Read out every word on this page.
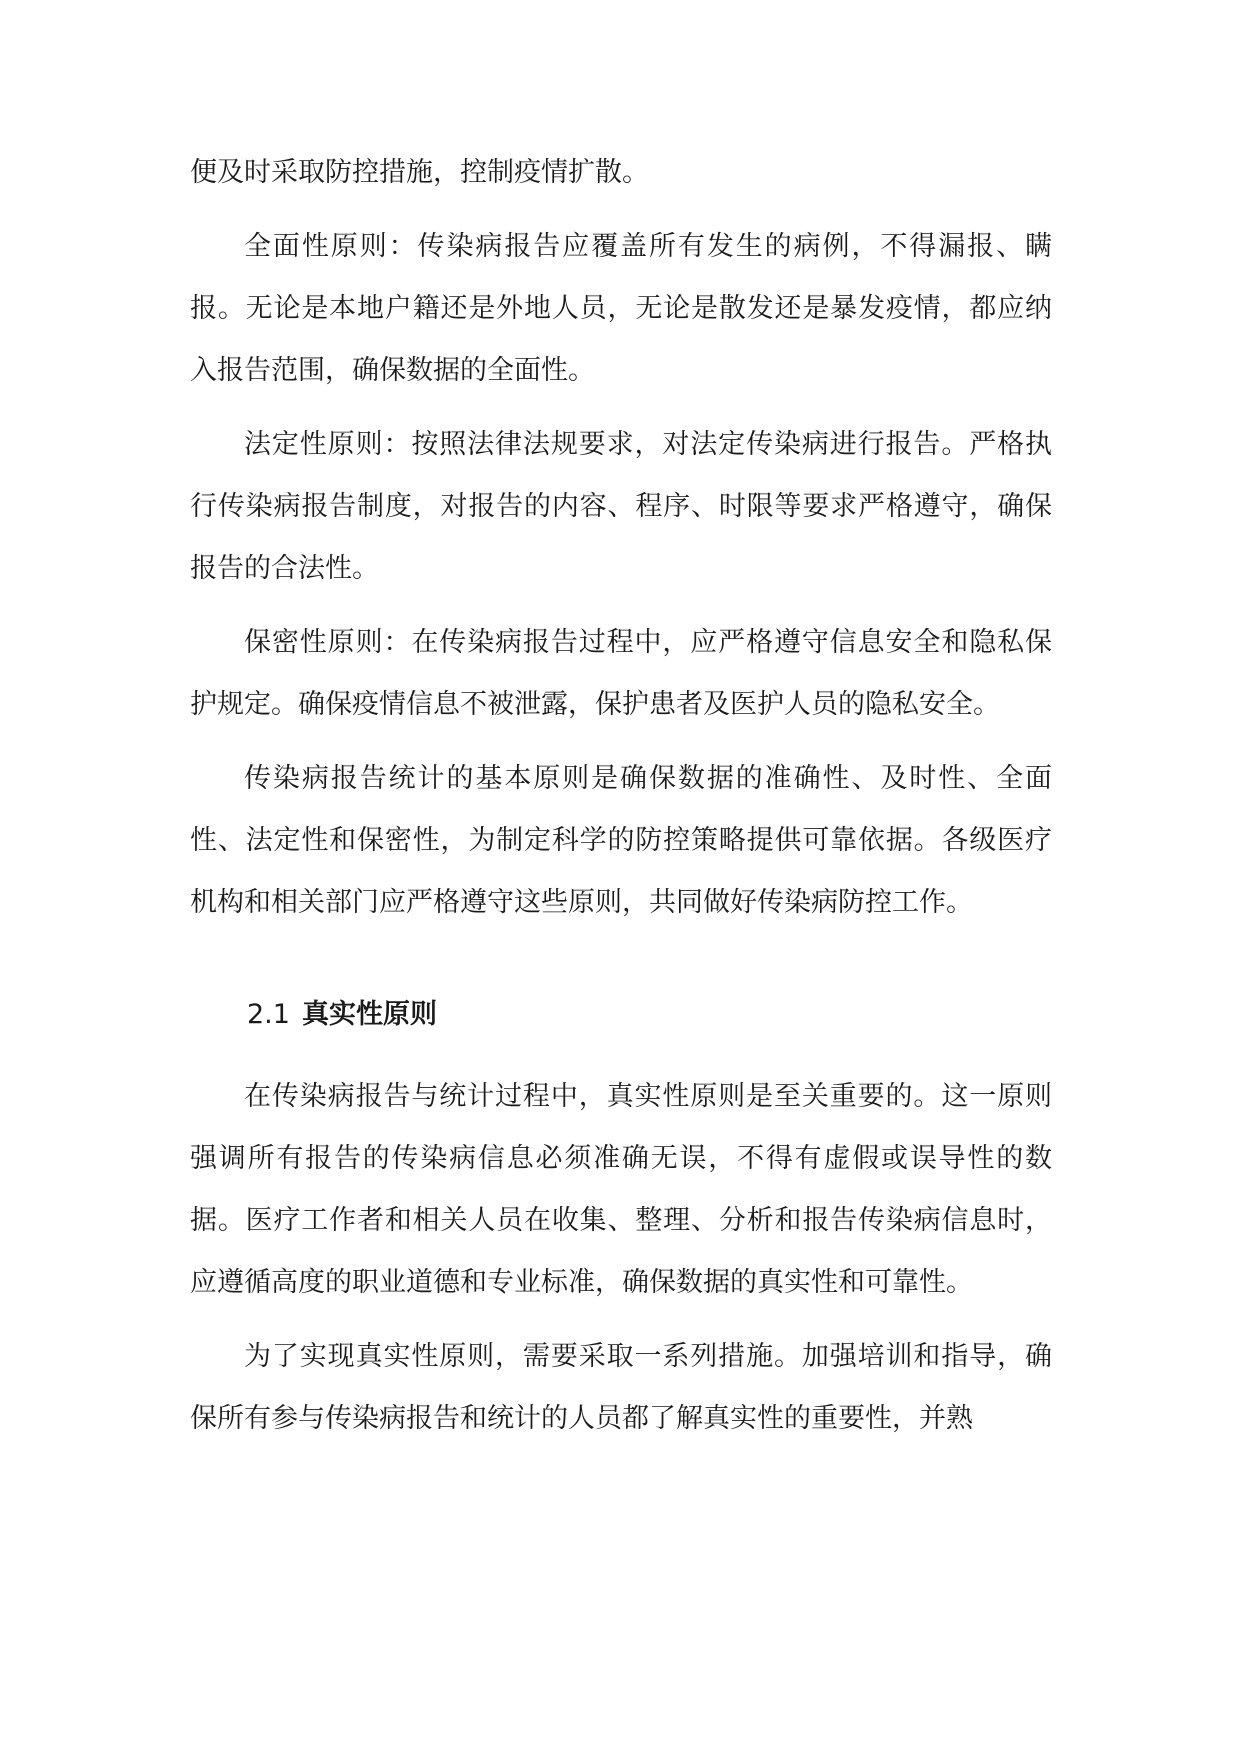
便及时采取防控措施，控制疫情扩散。

全面性原则：传染病报告应覆盖所有发生的病例，不得漏报、瞒报。无论是本地户籍还是外地人员，无论是散发还是暴发疫情，都应纳入报告范围，确保数据的全面性。

法定性原则：按照法律法规要求，对法定传染病进行报告。严格执行传染病报告制度，对报告的内容、程序、时限等要求严格遵守，确保报告的合法性。

保密性原则：在传染病报告过程中，应严格遵守信息安全和隐私保护规定。确保疫情信息不被泄露，保护患者及医护人员的隐私安全。

传染病报告统计的基本原则是确保数据的准确性、及时性、全面性、法定性和保密性，为制定科学的防控策略提供可靠依据。各级医疗机构和相关部门应严格遵守这些原则，共同做好传染病防控工作。

2.1 真实性原则

在传染病报告与统计过程中，真实性原则是至关重要的。这一原则强调所有报告的传染病信息必须准确无误，不得有虚假或误导性的数据。医疗工作者和相关人员在收集、整理、分析和报告传染病信息时，应遵循高度的职业道德和专业标准，确保数据的真实性和可靠性。

为了实现真实性原则，需要采取一系列措施。加强培训和指导，确保所有参与传染病报告和统计的人员都了解真实性的重要性，并熟
